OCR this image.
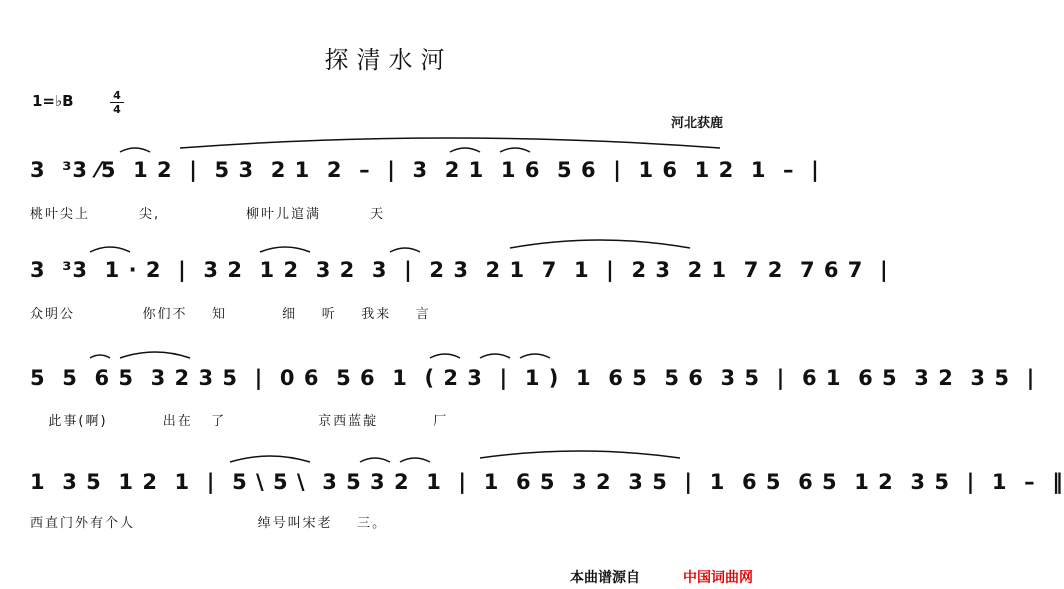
探清水河
1=♭B	4
4
河北获鹿
3  ³3 ⁄5  1 2  |  5 3  2 1  2  –  |  3  2 1  1 6  5 6  |  1 6  1 2  1  –  |
桃叶尖上        尖,              柳叶儿逭满        天
3  ³3  1 · 2  |  3 2  1 2  3 2  3  |  2 3  2 1  7  1  |  2 3  2 1  7 2  7 6 7  |
众明公           你们不    知         细    听    我来    言
5  5  6 5  3 2 3 5  |  0 6  5 6  1  ( 2 3  |  1 )  1  6 5  5 6  3 5  |  6 1  6 5  3 2  3 5  |
此事(啊)         出在   了               京西蓝靛         厂
1  3 5  1 2  1  |  5 \ 5 \  3 5 3 2  1  |  1  6 5  3 2  3 5  |  1  6 5  6 5  1 2  3 5  |  1  –  ‖
西直门外有个人                    绰号叫宋老    三。
本曲谱源自	中国词曲网
